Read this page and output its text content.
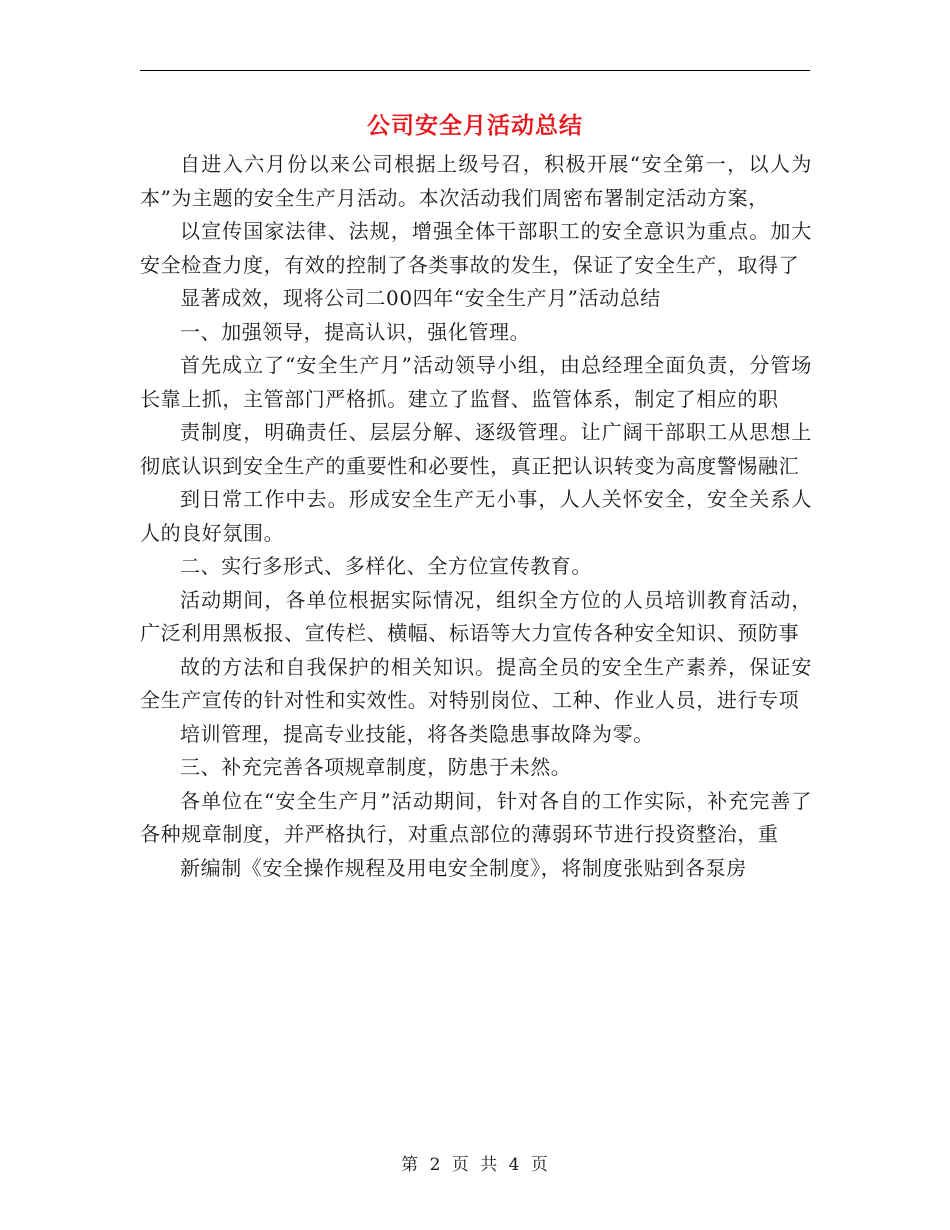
公司安全月活动总结

自进入六月份以来公司根据上级号召，积极开展“安全第一，以人为本”为主题的安全生产月活动。本次活动我们周密布署制定活动方案，

以宣传国家法律、法规，增强全体干部职工的安全意识为重点。加大安全检查力度，有效的控制了各类事故的发生，保证了安全生产，取得了

显著成效，现将公司二00四年“安全生产月”活动总结

一、加强领导，提高认识，强化管理。

首先成立了“安全生产月”活动领导小组，由总经理全面负责，分管场长靠上抓，主管部门严格抓。建立了监督、监管体系，制定了相应的职

责制度，明确责任、层层分解、逐级管理。让广阔干部职工从思想上彻底认识到安全生产的重要性和必要性，真正把认识转变为高度警惕融汇

到日常工作中去。形成安全生产无小事，人人关怀安全，安全关系人人的良好氛围。

二、实行多形式、多样化、全方位宣传教育。

活动期间，各单位根据实际情况，组织全方位的人员培训教育活动，广泛利用黑板报、宣传栏、横幅、标语等大力宣传各种安全知识、预防事

故的方法和自我保护的相关知识。提高全员的安全生产素养，保证安全生产宣传的针对性和实效性。对特别岗位、工种、作业人员，进行专项

培训管理，提高专业技能，将各类隐患事故降为零。

三、补充完善各项规章制度，防患于未然。

各单位在“安全生产月”活动期间，针对各自的工作实际，补充完善了各种规章制度，并严格执行，对重点部位的薄弱环节进行投资整治，重

新编制《安全操作规程及用电安全制度》，将制度张贴到各泵房

第 2 页 共 4 页
